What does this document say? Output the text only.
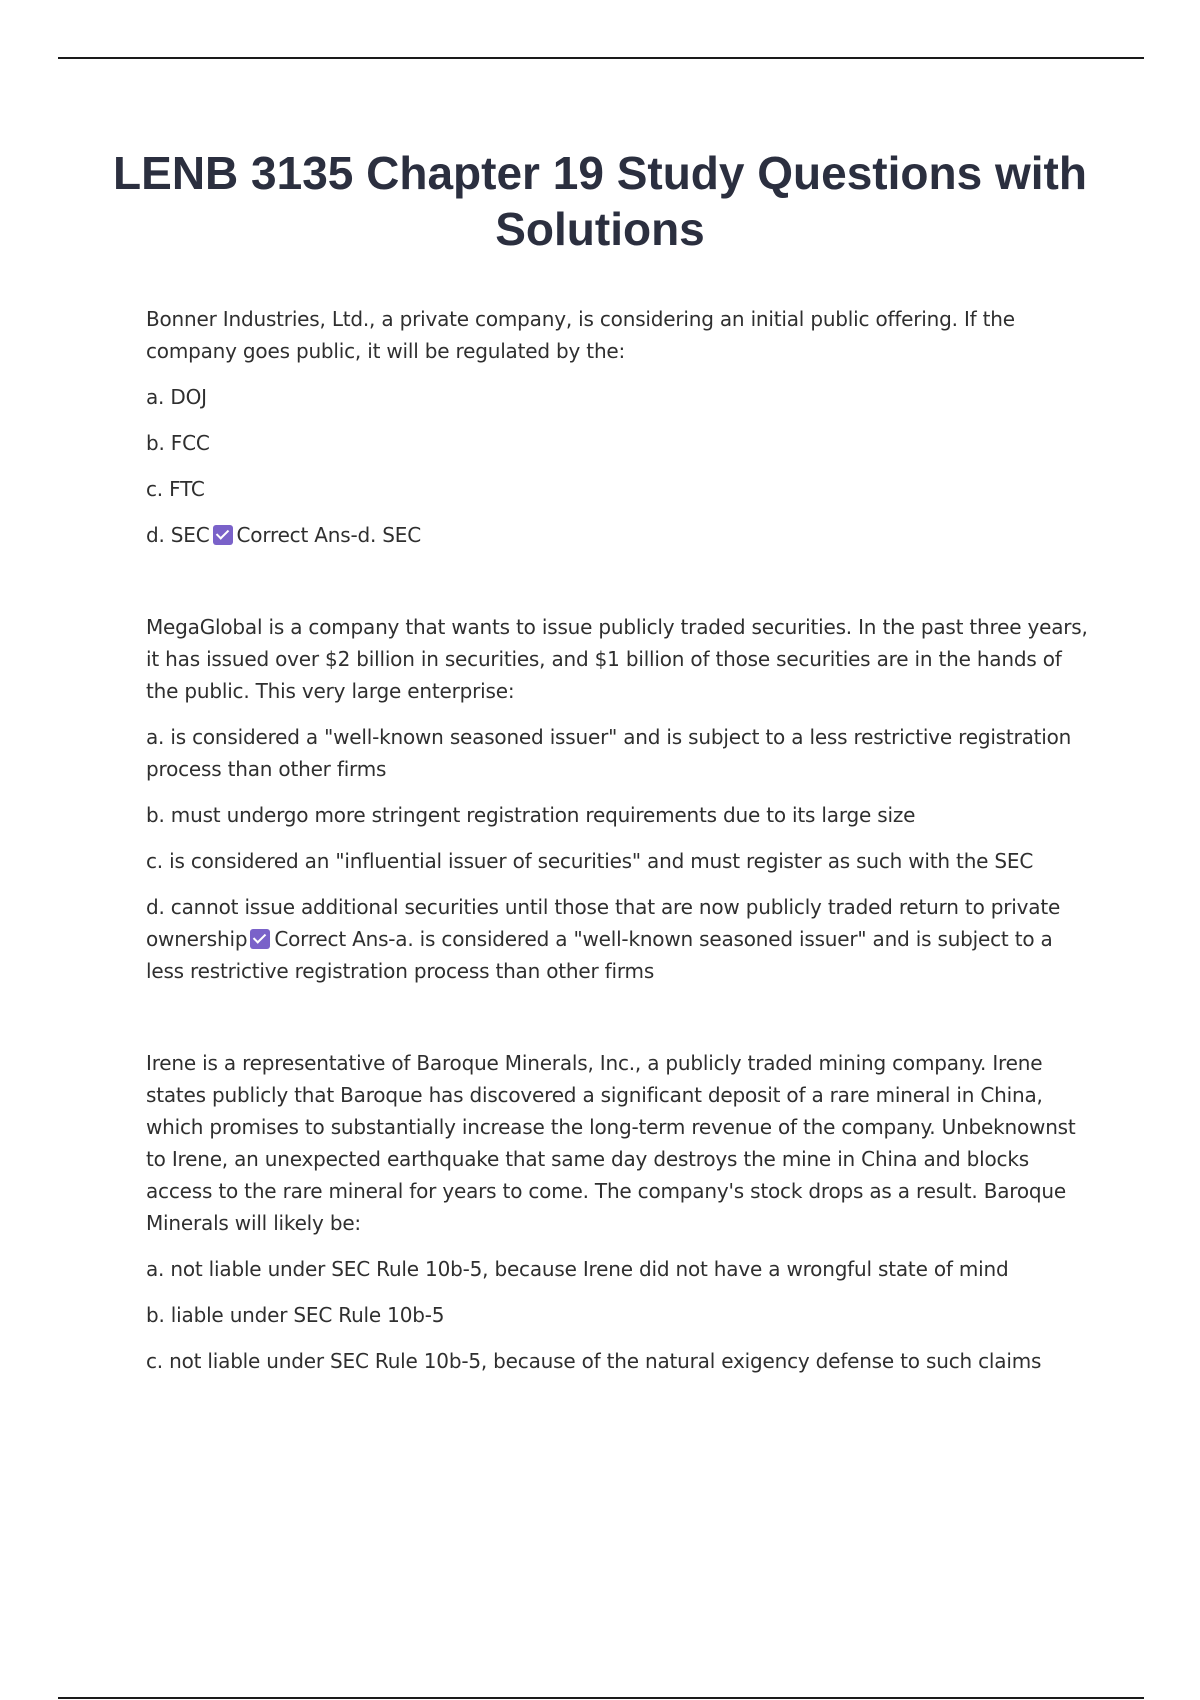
LENB 3135 Chapter 19 Study Questions with Solutions

Bonner Industries, Ltd., a private company, is considering an initial public offering. If the company goes public, it will be regulated by the:

a. DOJ

b. FCC

c. FTC

d. SEC Correct Ans-d. SEC

MegaGlobal is a company that wants to issue publicly traded securities. In the past three years, it has issued over $2 billion in securities, and $1 billion of those securities are in the hands of the public. This very large enterprise:

a. is considered a "well-known seasoned issuer" and is subject to a less restrictive registration process than other firms

b. must undergo more stringent registration requirements due to its large size

c. is considered an "influential issuer of securities" and must register as such with the SEC

d. cannot issue additional securities until those that are now publicly traded return to private ownership Correct Ans-a. is considered a "well-known seasoned issuer" and is subject to a less restrictive registration process than other firms

Irene is a representative of Baroque Minerals, Inc., a publicly traded mining company. Irene states publicly that Baroque has discovered a significant deposit of a rare mineral in China, which promises to substantially increase the long-term revenue of the company. Unbeknownst to Irene, an unexpected earthquake that same day destroys the mine in China and blocks access to the rare mineral for years to come. The company's stock drops as a result. Baroque Minerals will likely be:

a. not liable under SEC Rule 10b-5, because Irene did not have a wrongful state of mind

b. liable under SEC Rule 10b-5

c. not liable under SEC Rule 10b-5, because of the natural exigency defense to such claims
